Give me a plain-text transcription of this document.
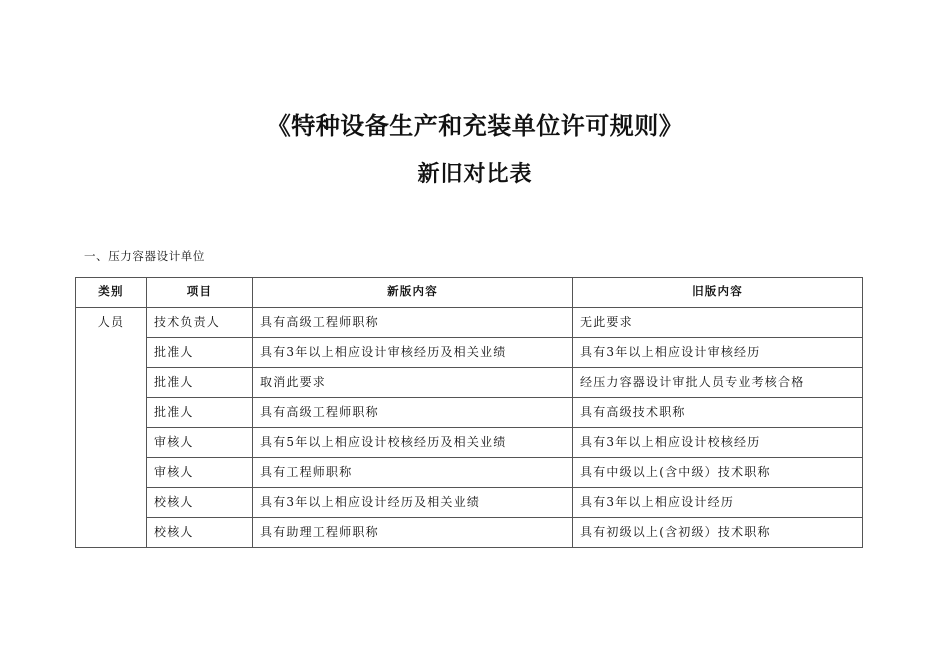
《特种设备生产和充装单位许可规则》
新旧对比表
一、压力容器设计单位
类别	项目	新版内容	旧版内容
人员	技术负责人	具有高级工程师职称	无此要求
	批准人	具有3年以上相应设计审核经历及相关业绩	具有3年以上相应设计审核经历
	批准人	取消此要求	经压力容器设计审批人员专业考核合格
	批准人	具有高级工程师职称	具有高级技术职称
	审核人	具有5年以上相应设计校核经历及相关业绩	具有3年以上相应设计校核经历
	审核人	具有工程师职称	具有中级以上(含中级）技术职称
	校核人	具有3年以上相应设计经历及相关业绩	具有3年以上相应设计经历
	校核人	具有助理工程师职称	具有初级以上(含初级）技术职称
